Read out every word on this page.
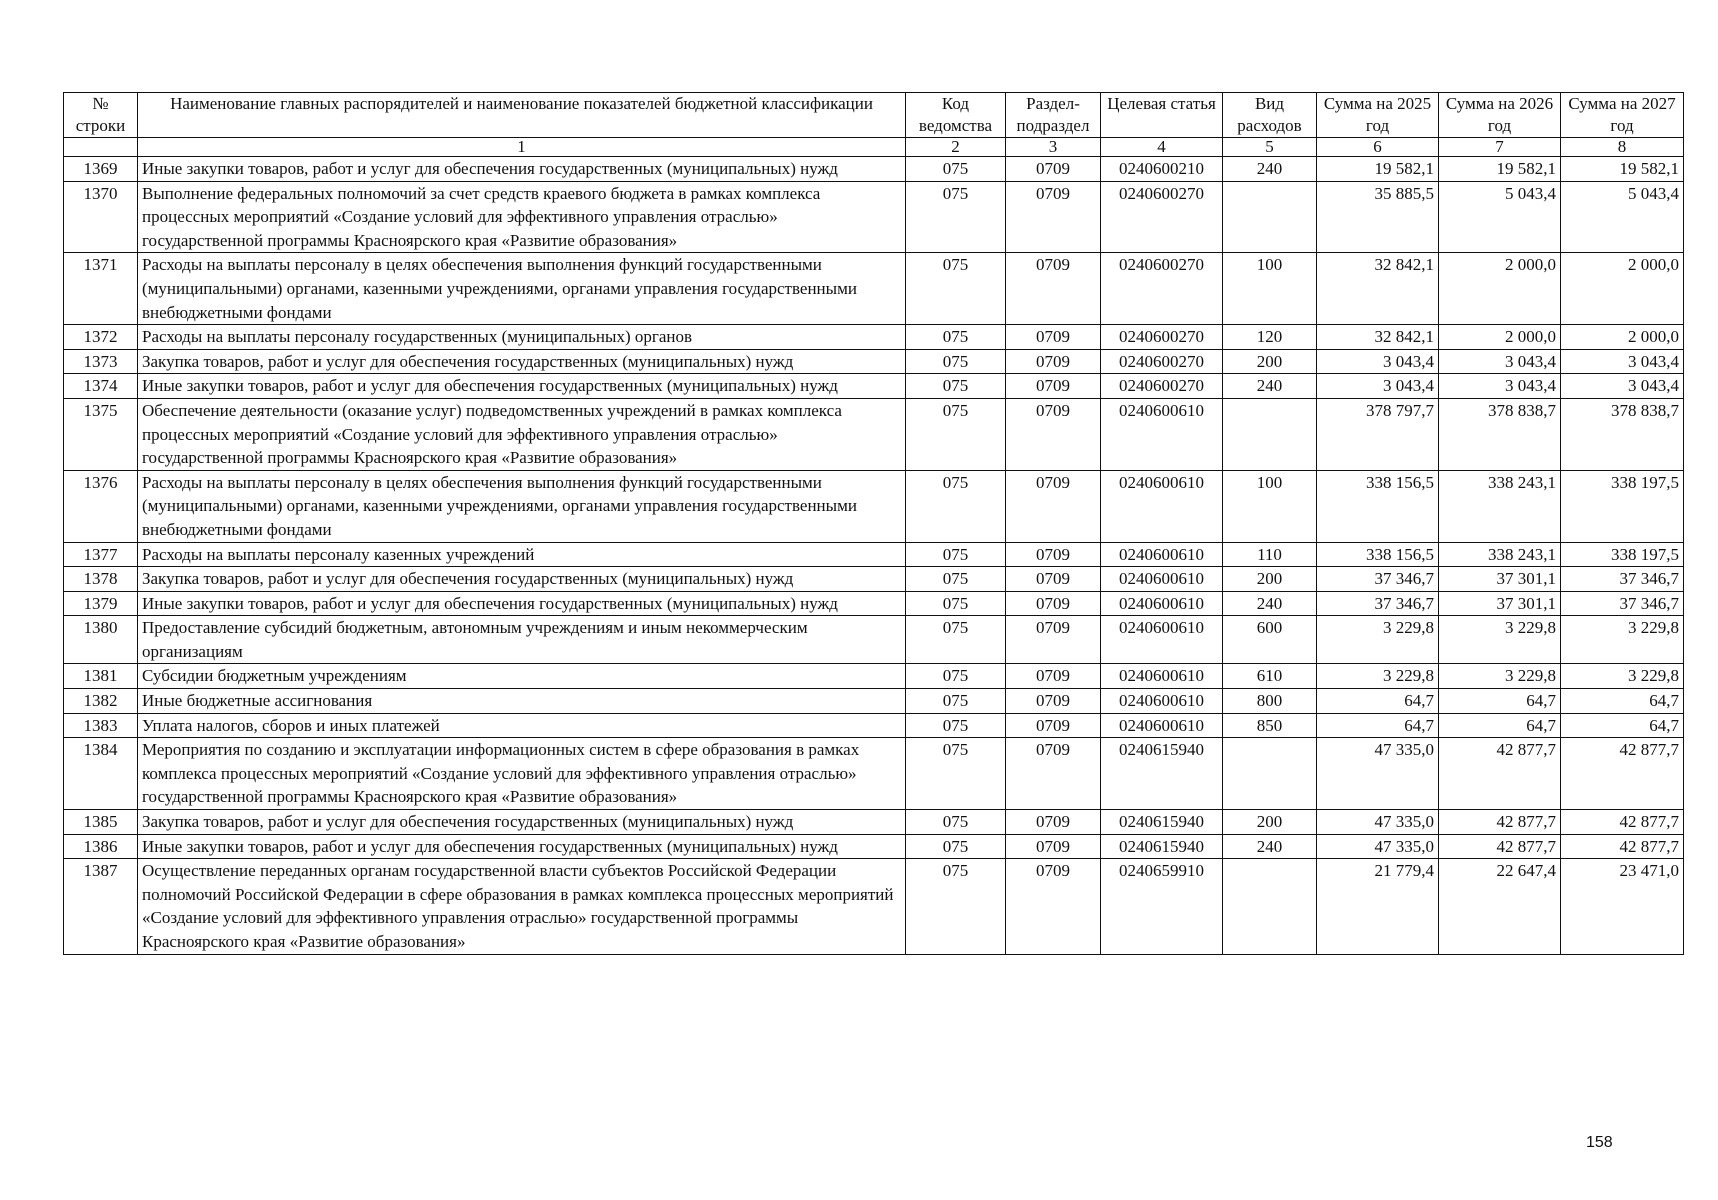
№ строки	Наименование главных распорядителей и наименование показателей бюджетной классификации	Код ведомства	Раздел-подраздел	Целевая статья	Вид расходов	Сумма на 2025 год	Сумма на 2026 год	Сумма на 2027 год
	1	2	3	4	5	6	7	8
1369	Иные закупки товаров, работ и услуг для обеспечения государственных (муниципальных) нужд	075	0709	0240600210	240	19 582,1	19 582,1	19 582,1
1370	Выполнение федеральных полномочий за счет средств краевого бюджета в рамках комплекса процессных мероприятий «Создание условий для эффективного управления отраслью» государственной программы Красноярского края «Развитие образования»	075	0709	0240600270		35 885,5	5 043,4	5 043,4
1371	Расходы на выплаты персоналу в целях обеспечения выполнения функций государственными (муниципальными) органами, казенными учреждениями, органами управления государственными внебюджетными фондами	075	0709	0240600270	100	32 842,1	2 000,0	2 000,0
1372	Расходы на выплаты персоналу государственных (муниципальных) органов	075	0709	0240600270	120	32 842,1	2 000,0	2 000,0
1373	Закупка товаров, работ и услуг для обеспечения государственных (муниципальных) нужд	075	0709	0240600270	200	3 043,4	3 043,4	3 043,4
1374	Иные закупки товаров, работ и услуг для обеспечения государственных (муниципальных) нужд	075	0709	0240600270	240	3 043,4	3 043,4	3 043,4
1375	Обеспечение деятельности (оказание услуг) подведомственных учреждений в рамках комплекса процессных мероприятий «Создание условий для эффективного управления отраслью» государственной программы Красноярского края «Развитие образования»	075	0709	0240600610		378 797,7	378 838,7	378 838,7
1376	Расходы на выплаты персоналу в целях обеспечения выполнения функций государственными (муниципальными) органами, казенными учреждениями, органами управления государственными внебюджетными фондами	075	0709	0240600610	100	338 156,5	338 243,1	338 197,5
1377	Расходы на выплаты персоналу казенных учреждений	075	0709	0240600610	110	338 156,5	338 243,1	338 197,5
1378	Закупка товаров, работ и услуг для обеспечения государственных (муниципальных) нужд	075	0709	0240600610	200	37 346,7	37 301,1	37 346,7
1379	Иные закупки товаров, работ и услуг для обеспечения государственных (муниципальных) нужд	075	0709	0240600610	240	37 346,7	37 301,1	37 346,7
1380	Предоставление субсидий бюджетным, автономным учреждениям и иным некоммерческим организациям	075	0709	0240600610	600	3 229,8	3 229,8	3 229,8
1381	Субсидии бюджетным учреждениям	075	0709	0240600610	610	3 229,8	3 229,8	3 229,8
1382	Иные бюджетные ассигнования	075	0709	0240600610	800	64,7	64,7	64,7
1383	Уплата налогов, сборов и иных платежей	075	0709	0240600610	850	64,7	64,7	64,7
1384	Мероприятия по созданию и эксплуатации информационных систем в сфере образования в рамках комплекса процессных мероприятий «Создание условий для эффективного управления отраслью» государственной программы Красноярского края «Развитие образования»	075	0709	0240615940		47 335,0	42 877,7	42 877,7
1385	Закупка товаров, работ и услуг для обеспечения государственных (муниципальных) нужд	075	0709	0240615940	200	47 335,0	42 877,7	42 877,7
1386	Иные закупки товаров, работ и услуг для обеспечения государственных (муниципальных) нужд	075	0709	0240615940	240	47 335,0	42 877,7	42 877,7
1387	Осуществление переданных органам государственной власти субъектов Российской Федерации полномочий Российской Федерации в сфере образования в рамках комплекса процессных мероприятий «Создание условий для эффективного управления отраслью» государственной программы Красноярского края «Развитие образования»	075	0709	0240659910		21 779,4	22 647,4	23 471,0
158
